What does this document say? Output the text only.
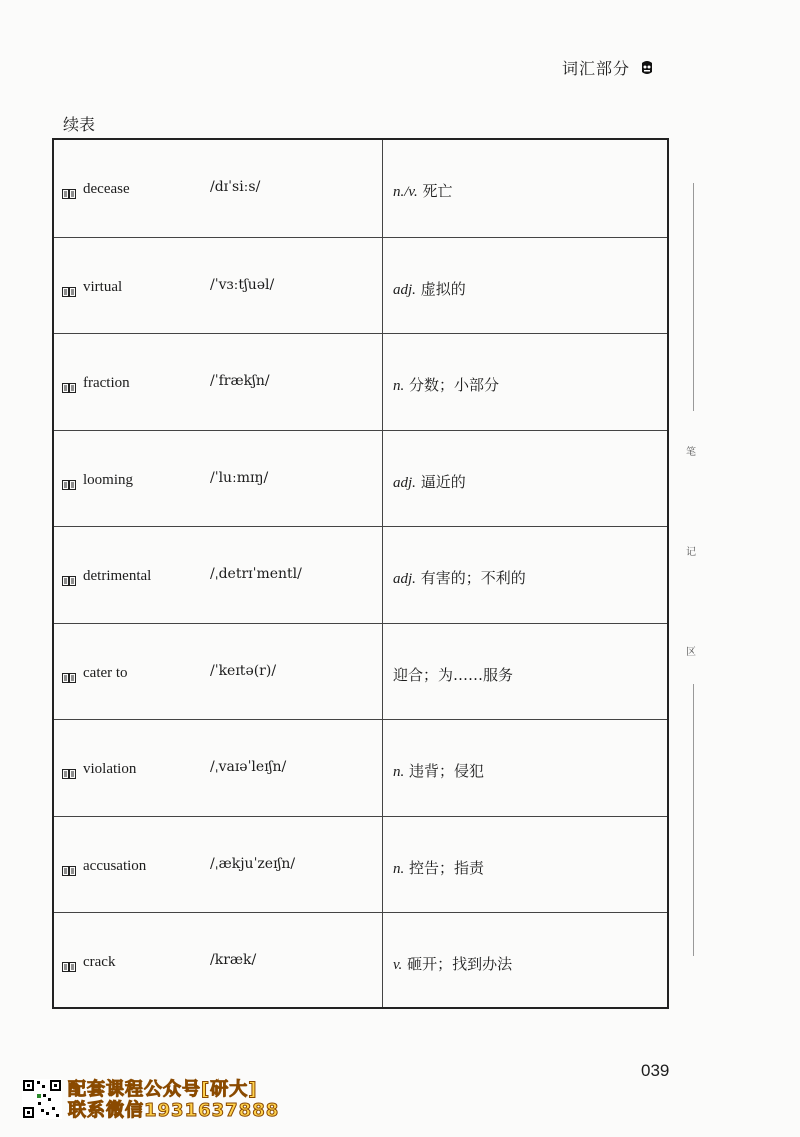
词汇部分
续表
decease	/dɪˈsiːs/	n./v. 死亡
virtual	/ˈvɜːtʃuəl/	adj. 虚拟的
fraction	/ˈfrækʃn/	n. 分数；小部分
looming	/ˈluːmɪŋ/	adj. 逼近的
detrimental	/ˌdetrɪˈmentl/	adj. 有害的；不利的
cater to	/ˈkeɪtə(r)/	迎合；为……服务
violation	/ˌvaɪəˈleɪʃn/	n. 违背；侵犯
accusation	/ˌækjuˈzeɪʃn/	n. 控告；指责
crack	/kræk/	v. 砸开；找到办法
笔
记
区
039
配套课程公众号[研大]
联系微信1931637888
